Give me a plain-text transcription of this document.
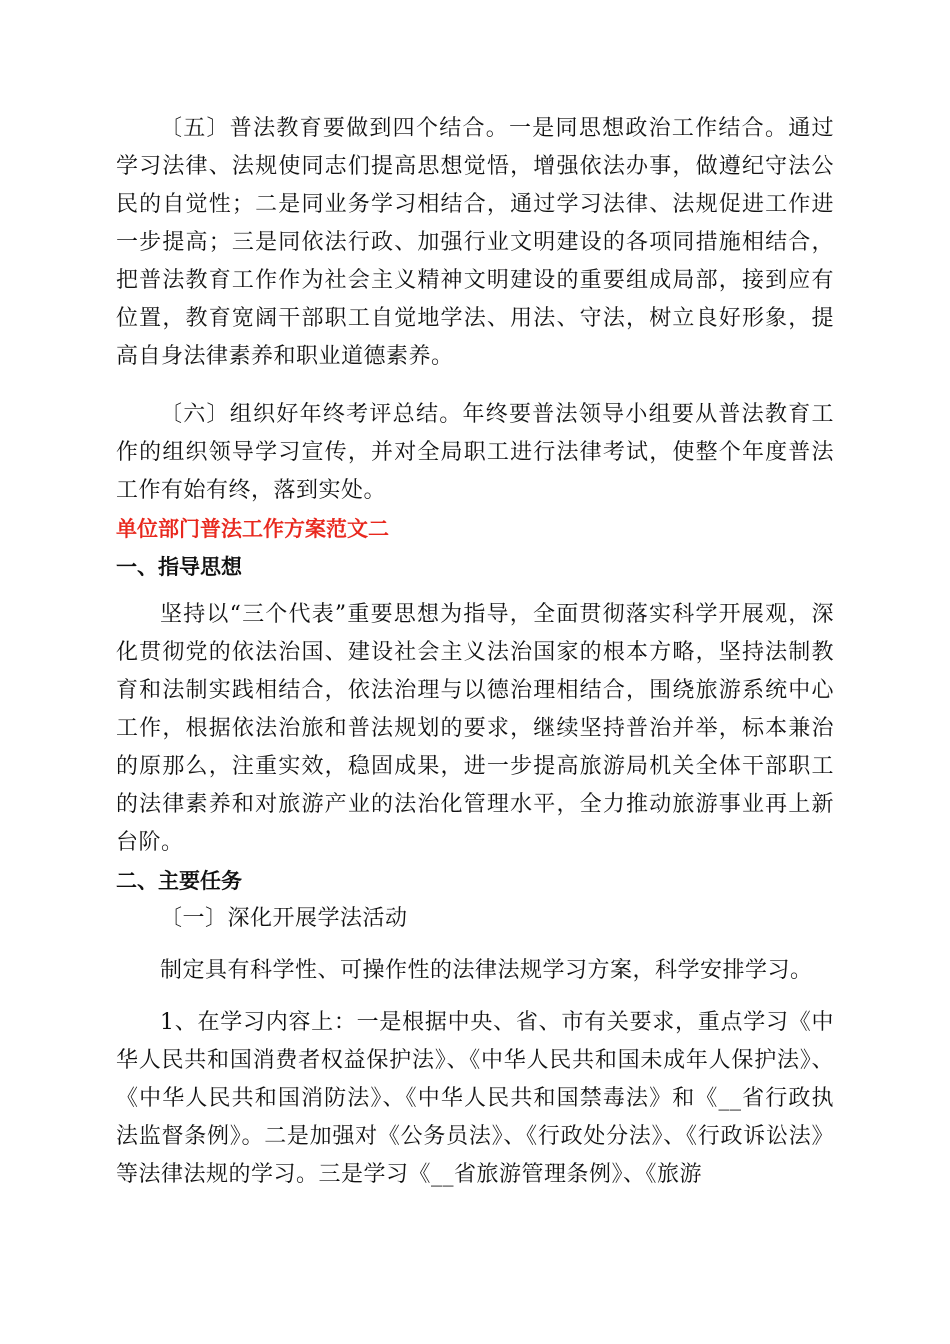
〔五〕普法教育要做到四个结合。一是同思想政治工作结合。通过学习法律、法规使同志们提高思想觉悟，增强依法办事，做遵纪守法公民的自觉性；二是同业务学习相结合，通过学习法律、法规促进工作进一步提高；三是同依法行政、加强行业文明建设的各项同措施相结合，把普法教育工作作为社会主义精神文明建设的重要组成局部，接到应有位置，教育宽阔干部职工自觉地学法、用法、守法，树立良好形象，提高自身法律素养和职业道德素养。

〔六〕组织好年终考评总结。年终要普法领导小组要从普法教育工作的组织领导学习宣传，并对全局职工进行法律考试，使整个年度普法工作有始有终，落到实处。

单位部门普法工作方案范文二

一、指导思想

坚持以“三个代表”重要思想为指导，全面贯彻落实科学开展观，深化贯彻党的依法治国、建设社会主义法治国家的根本方略，坚持法制教育和法制实践相结合，依法治理与以德治理相结合，围绕旅游系统中心工作，根据依法治旅和普法规划的要求，继续坚持普治并举，标本兼治的原那么，注重实效，稳固成果，进一步提高旅游局机关全体干部职工的法律素养和对旅游产业的法治化管理水平，全力推动旅游事业再上新台阶。

二、主要任务

〔一〕深化开展学法活动

制定具有科学性、可操作性的法律法规学习方案，科学安排学习。

1、在学习内容上：一是根据中央、省、市有关要求，重点学习《中华人民共和国消费者权益保护法》、《中华人民共和国未成年人保护法》、《中华人民共和国消防法》、《中华人民共和国禁毒法》和《__省行政执法监督条例》。二是加强对《公务员法》、《行政处分法》、《行政诉讼法》等法律法规的学习。三是学习《__省旅游管理条例》、《旅游
